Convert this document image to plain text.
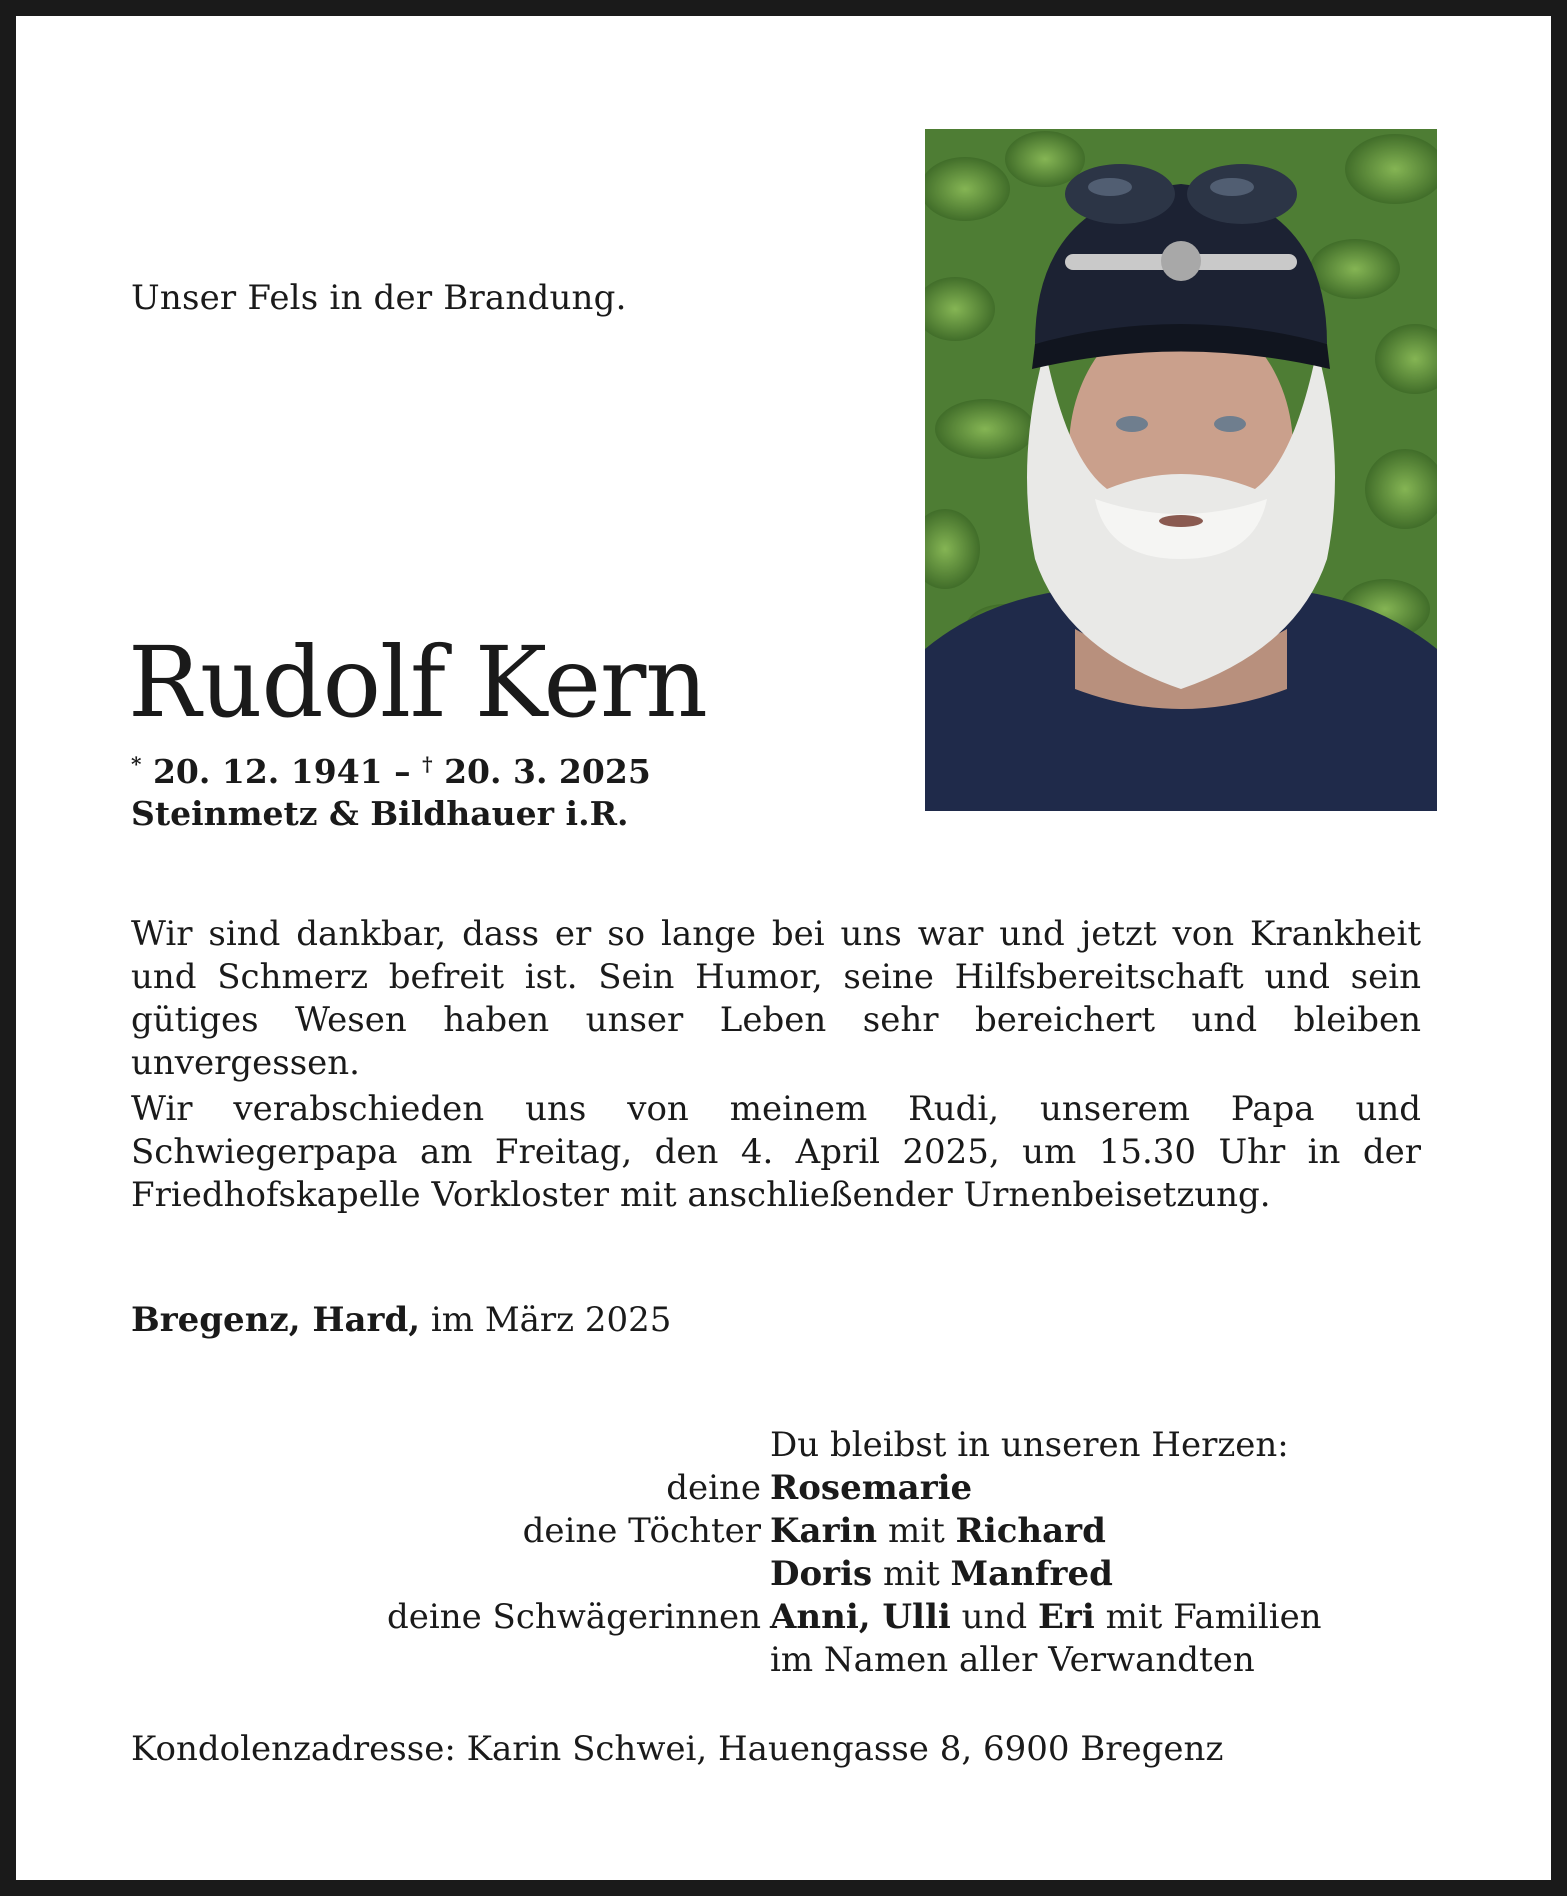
Unser Fels in der Brandung.
Rudolf Kern
* 20. 12. 1941 – † 20. 3. 2025
Steinmetz & Bildhauer i.R.

Wir sind dankbar, dass er so lange bei uns war und jetzt von Krankheit und Schmerz befreit ist. Sein Humor, seine Hilfsbereitschaft und sein gütiges Wesen haben unser Leben sehr bereichert und bleiben unvergessen.

Wir verabschieden uns von meinem Rudi, unserem Papa und Schwiegerpapa am Freitag, den 4. April 2025, um 15.30 Uhr in der Friedhofskapelle Vorkloster mit anschließender Urnenbeisetzung.

Bregenz, Hard, im März 2025
Du bleibst in unseren Herzen:
deine Rosemarie
deine Töchter Karin mit Richard
Doris mit Manfred
deine Schwägerinnen Anni, Ulli und Eri mit Familien
im Namen aller Verwandten
Kondolenzadresse: Karin Schwei, Hauengasse 8, 6900 Bregenz
